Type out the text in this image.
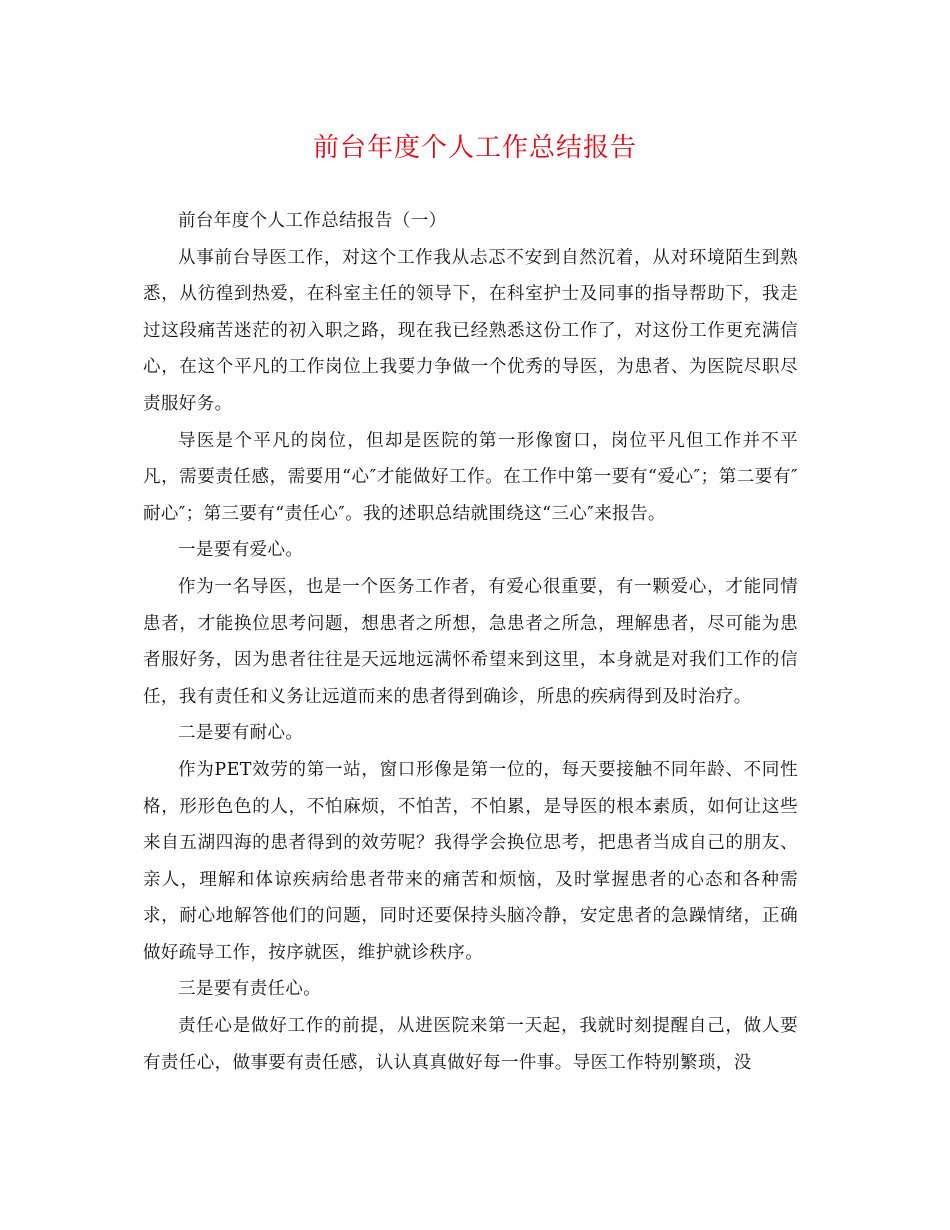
前台年度个人工作总结报告

前台年度个人工作总结报告（一）

从事前台导医工作，对这个工作我从忐忑不安到自然沉着，从对环境陌生到熟悉，从彷徨到热爱，在科室主任的领导下，在科室护士及同事的指导帮助下，我走过这段痛苦迷茫的初入职之路，现在我已经熟悉这份工作了，对这份工作更充满信心，在这个平凡的工作岗位上我要力争做一个优秀的导医，为患者、为医院尽职尽责服好务。

导医是个平凡的岗位，但却是医院的第一形像窗口，岗位平凡但工作并不平凡，需要责任感，需要用“心″才能做好工作。在工作中第一要有“爱心″；第二要有″耐心″；第三要有“责任心″。我的述职总结就围绕这“三心″来报告。

一是要有爱心。

作为一名导医，也是一个医务工作者，有爱心很重要，有一颗爱心，才能同情患者，才能换位思考问题，想患者之所想，急患者之所急，理解患者，尽可能为患者服好务，因为患者往往是天远地远满怀希望来到这里，本身就是对我们工作的信任，我有责任和义务让远道而来的患者得到确诊，所患的疾病得到及时治疗。

二是要有耐心。

作为PET效劳的第一站，窗口形像是第一位的，每天要接触不同年龄、不同性格，形形色色的人，不怕麻烦，不怕苦，不怕累，是导医的根本素质，如何让这些来自五湖四海的患者得到的效劳呢？我得学会换位思考，把患者当成自己的朋友、亲人，理解和体谅疾病给患者带来的痛苦和烦恼，及时掌握患者的心态和各种需求，耐心地解答他们的问题，同时还要保持头脑冷静，安定患者的急躁情绪，正确做好疏导工作，按序就医，维护就诊秩序。

三是要有责任心。

责任心是做好工作的前提，从进医院来第一天起，我就时刻提醒自己，做人要有责任心，做事要有责任感，认认真真做好每一件事。导医工作特别繁琐，没
